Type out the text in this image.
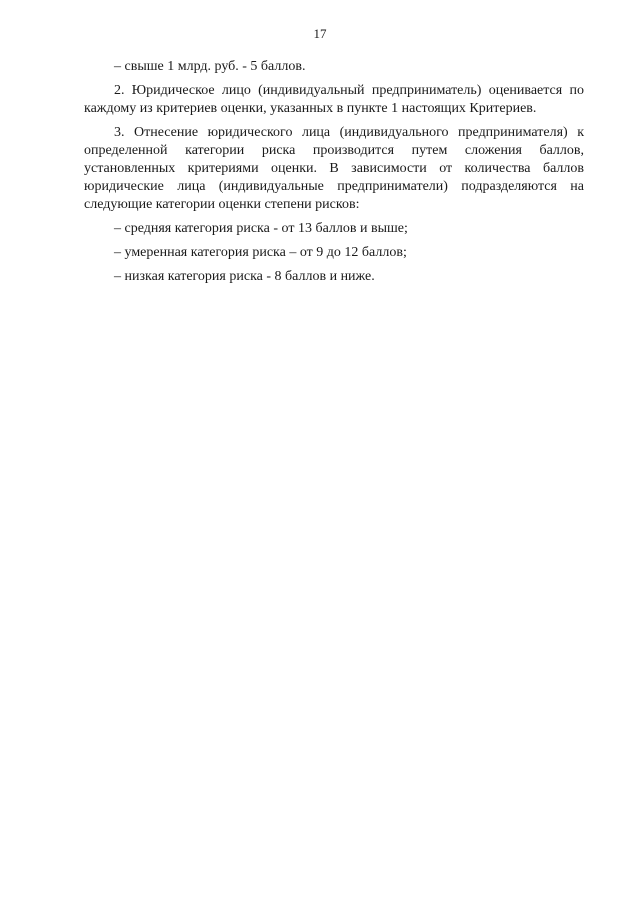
17

– свыше 1 млрд. руб. - 5 баллов.

2. Юридическое лицо (индивидуальный предприниматель) оценивается по каждому из критериев оценки, указанных в пункте 1 настоящих Критериев.

3. Отнесение юридического лица (индивидуального предпринимателя) к определенной категории риска производится путем сложения баллов, установленных критериями оценки. В зависимости от количества баллов юридические лица (индивидуальные предприниматели) подразделяются на следующие категории оценки степени рисков:

– средняя категория риска - от 13 баллов и выше;

– умеренная категория риска – от 9 до 12 баллов;

– низкая категория риска - 8 баллов и ниже.
